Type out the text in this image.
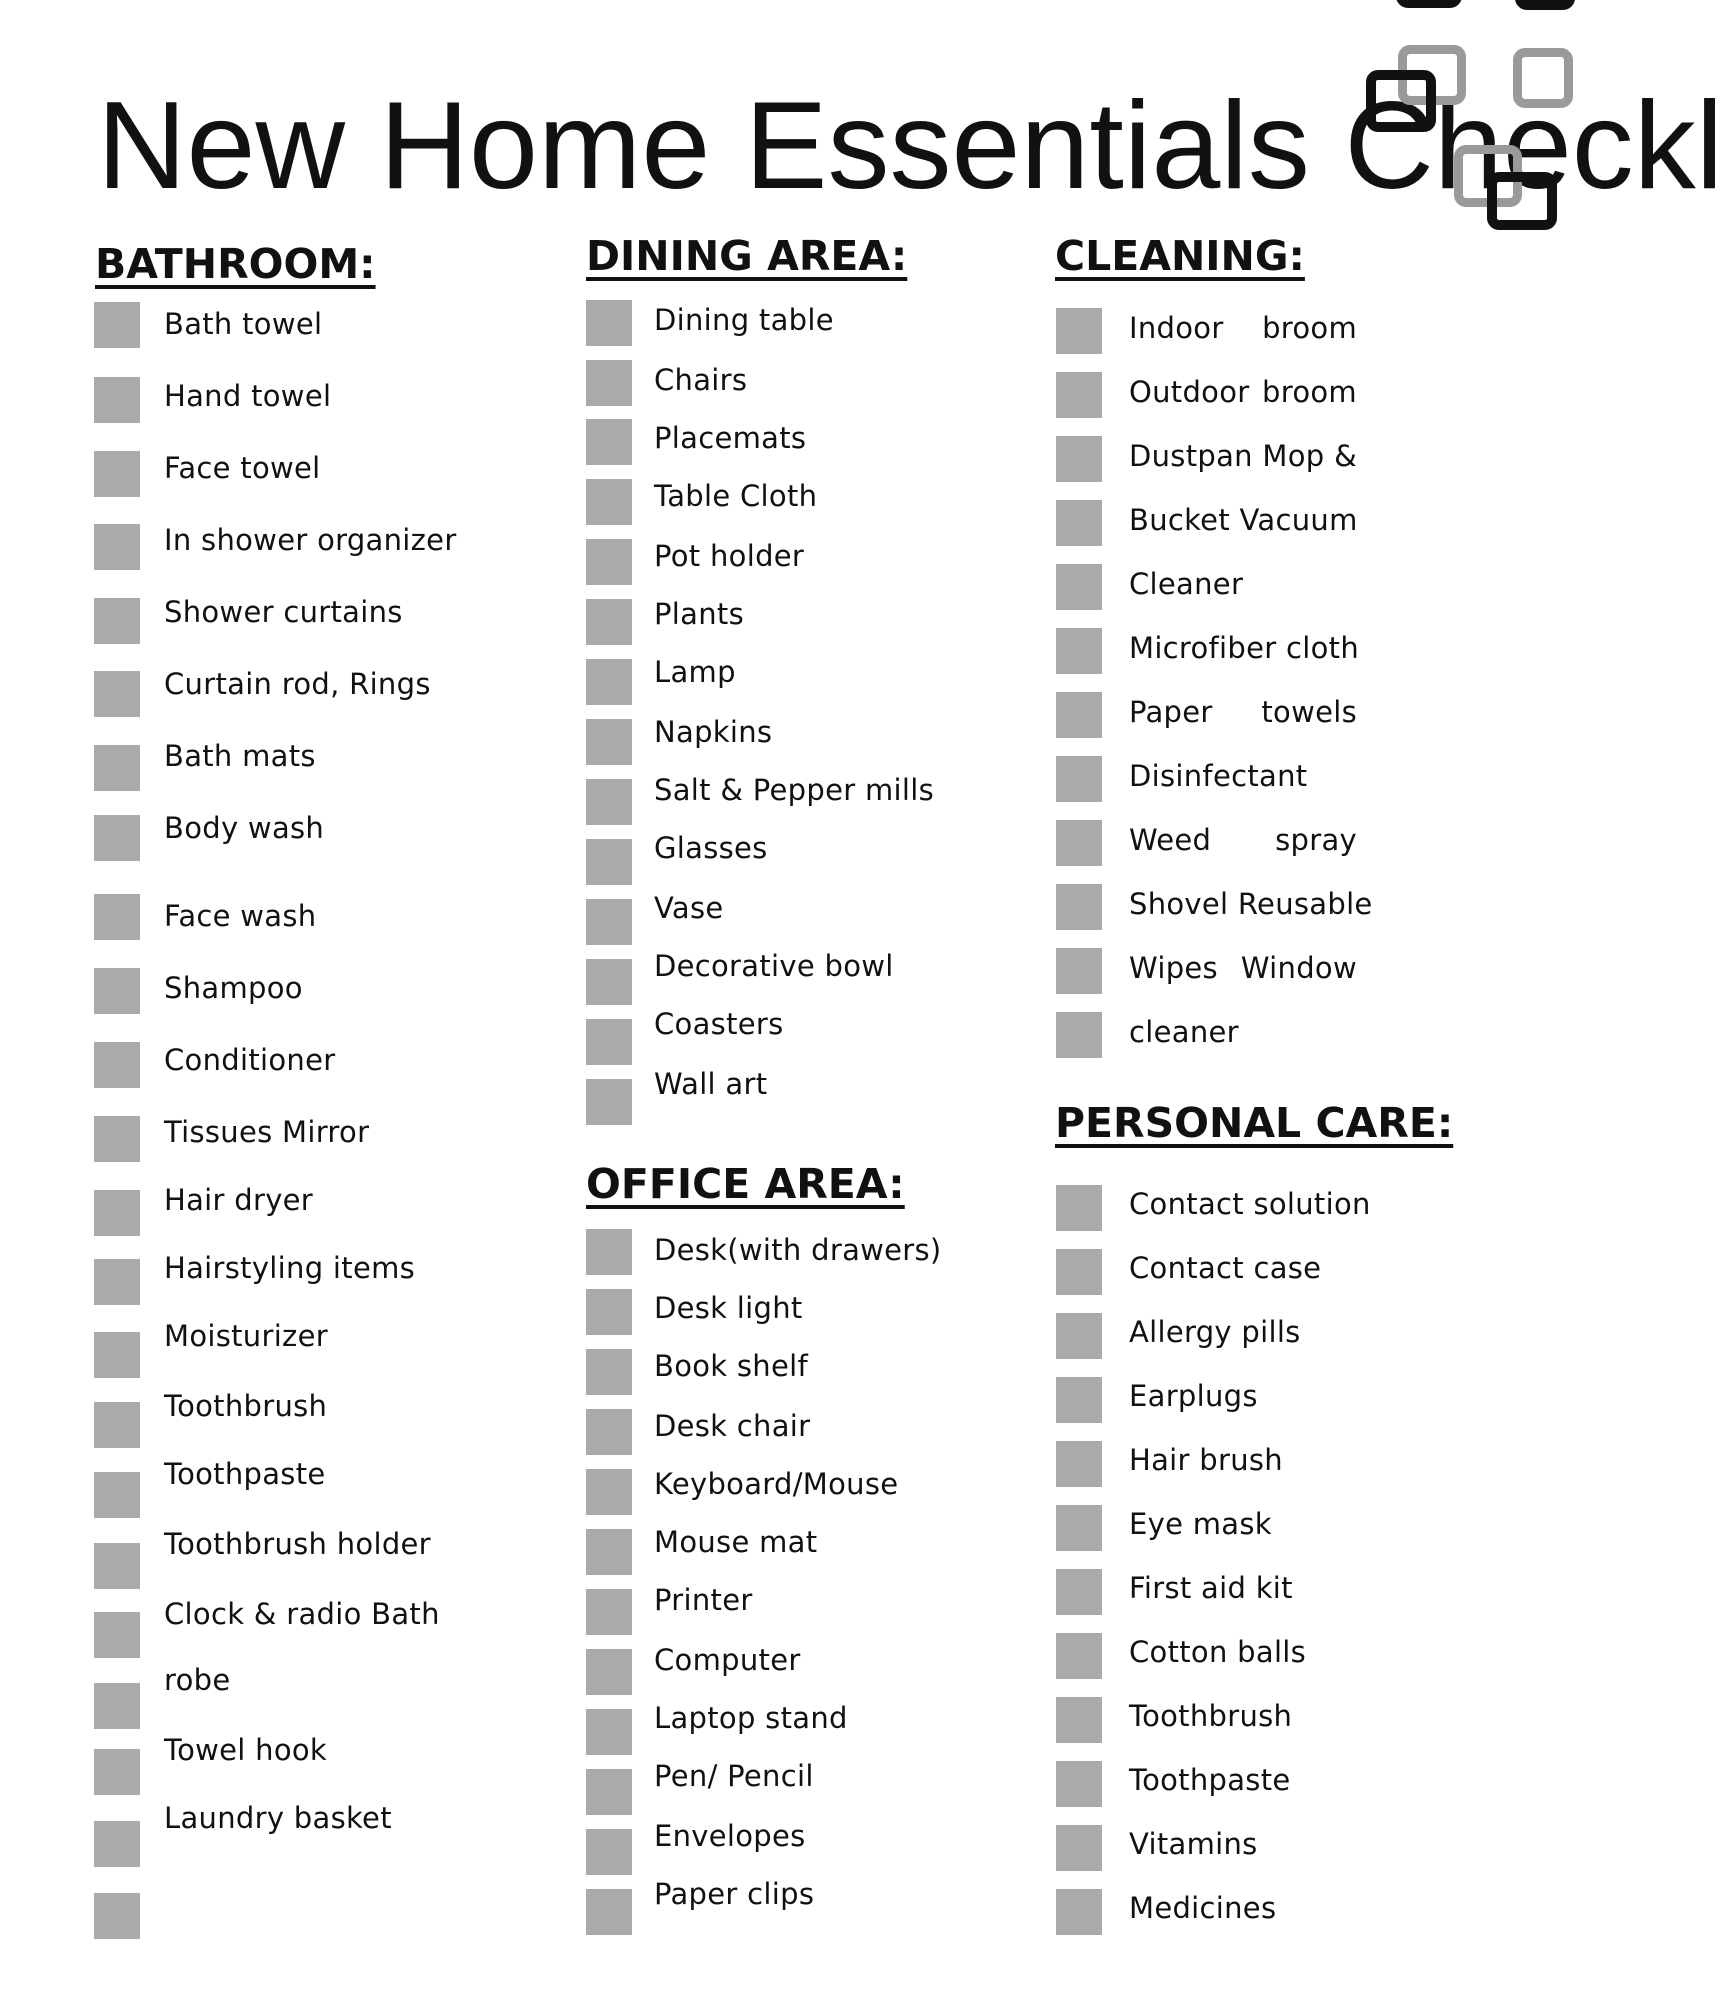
New Home Essentials Checkl
BATHROOM:	DINING AREA:
OFFICE AREA:
CLEANING:
PERSONAL CARE:
Bath towel
Hand towel
Face towel
In shower organizer
Shower curtains
Curtain rod, Rings
Bath mats
Body wash
Face wash
Shampoo
Conditioner
Tissues Mirror
Hair dryer
Hairstyling items
Moisturizer
Toothbrush
Toothpaste
Toothbrush holder
Clock & radio Bath
robe
Towel hook
Laundry basket
Dining table
Chairs
Placemats
Table Cloth
Pot holder
Plants
Lamp
Napkins
Salt & Pepper mills
Glasses
Vase
Decorative bowl
Coasters
Wall art
Desk(with drawers)
Desk light
Book shelf
Desk chair
Keyboard/Mouse
Mouse mat
Printer
Computer
Laptop stand
Pen/ Pencil
Envelopes
Paper clips
Indoor broom
Outdoor broom
Dustpan Mop &
Bucket Vacuum
Cleaner
Microfiber cloth
Paper towels
Disinfectant
Weed spray
Shovel Reusable
Wipes Window
cleaner
Contact solution
Contact case
Allergy pills
Earplugs
Hair brush
Eye mask
First aid kit
Cotton balls
Toothbrush
Toothpaste
Vitamins
Medicines
